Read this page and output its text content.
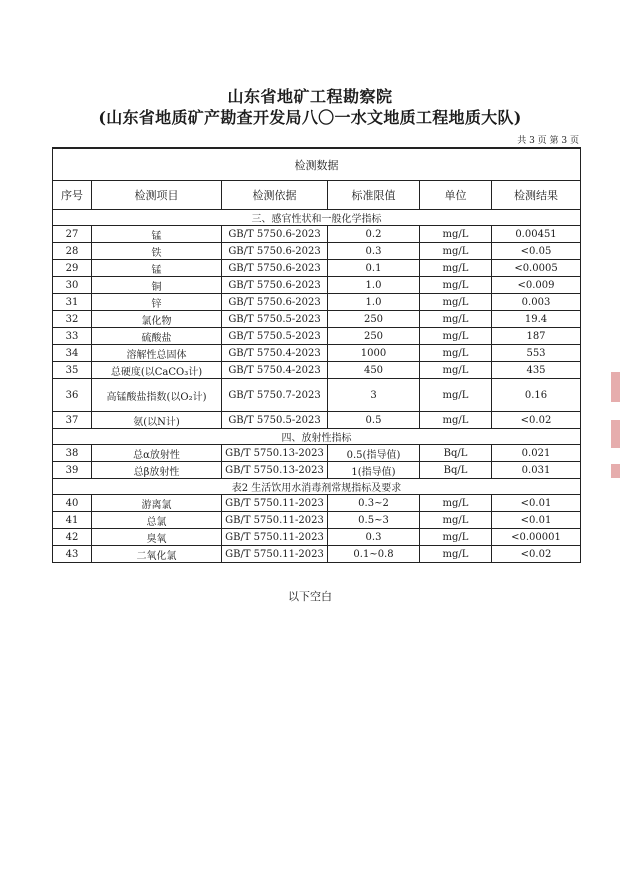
山东省地矿工程勘察院
(山东省地质矿产勘查开发局八〇一水文地质工程地质大队)
共 3 页 第 3 页
检测数据					
序号	检测项目	检测依据	标准限值	单位	检测结果
三、感官性状和一般化学指标					
27	锰	GB/T 5750.6-2023	0.2	mg/L	0.00451
28	铁	GB/T 5750.6-2023	0.3	mg/L	<0.05
29	锰	GB/T 5750.6-2023	0.1	mg/L	<0.0005
30	铜	GB/T 5750.6-2023	1.0	mg/L	<0.009
31	锌	GB/T 5750.6-2023	1.0	mg/L	0.003
32	氯化物	GB/T 5750.5-2023	250	mg/L	19.4
33	硫酸盐	GB/T 5750.5-2023	250	mg/L	187
34	溶解性总固体	GB/T 5750.4-2023	1000	mg/L	553
35	总硬度(以CaCO₃计)	GB/T 5750.4-2023	450	mg/L	435
36	高锰酸盐指数(以O₂计)	GB/T 5750.7-2023	3	mg/L	0.16
37	氨(以N计)	GB/T 5750.5-2023	0.5	mg/L	<0.02
四、放射性指标					
38	总α放射性	GB/T 5750.13-2023	0.5(指导值)	Bq/L	0.021
39	总β放射性	GB/T 5750.13-2023	1(指导值)	Bq/L	0.031
表2 生活饮用水消毒剂常规指标及要求					
40	游离氯	GB/T 5750.11-2023	0.3~2	mg/L	<0.01
41	总氯	GB/T 5750.11-2023	0.5~3	mg/L	<0.01
42	臭氧	GB/T 5750.11-2023	0.3	mg/L	<0.00001
43	二氧化氯	GB/T 5750.11-2023	0.1~0.8	mg/L	<0.02
以下空白
